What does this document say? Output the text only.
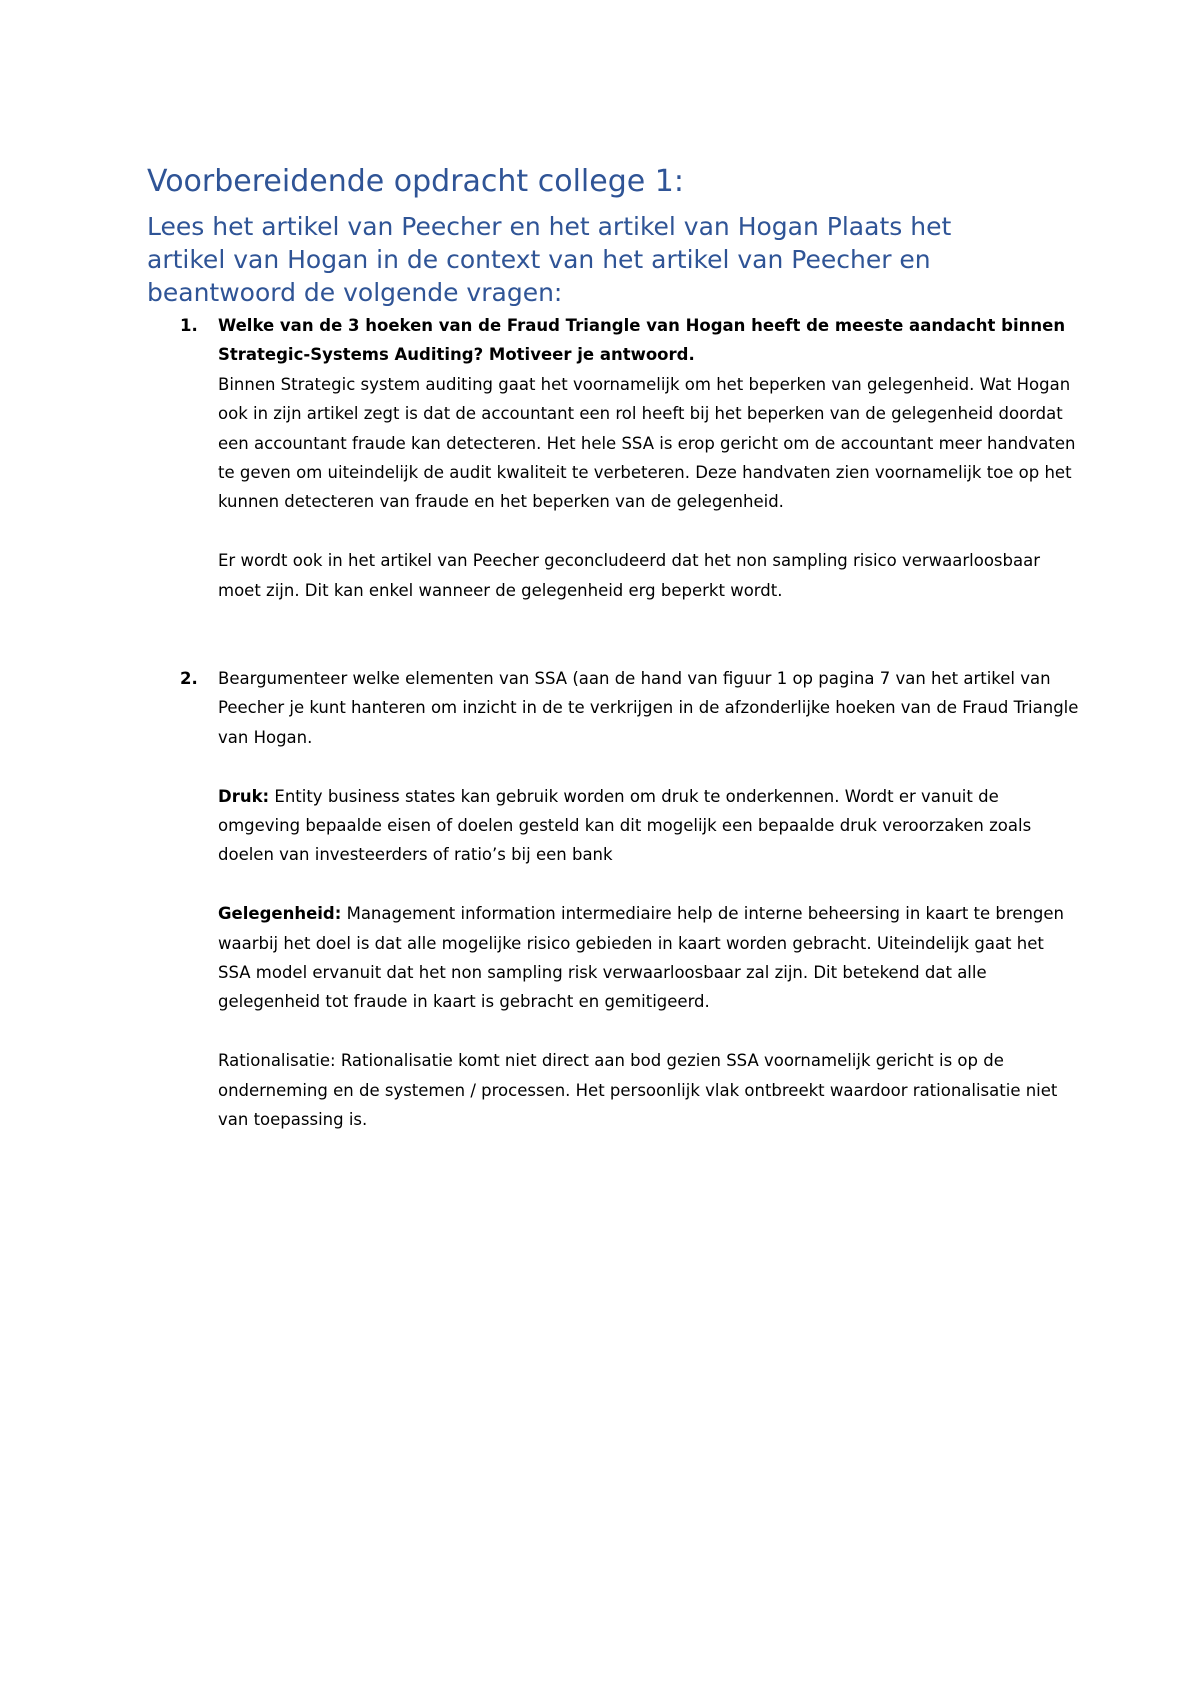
Voorbereidende opdracht college 1:
Lees het artikel van Peecher en het artikel van Hogan Plaats het artikel van Hogan in de context van het artikel van Peecher en beantwoord de volgende vragen:
1. Welke van de 3 hoeken van de Fraud Triangle van Hogan heeft de meeste aandacht binnen Strategic-Systems Auditing? Motiveer je antwoord.

Binnen Strategic system auditing gaat het voornamelijk om het beperken van gelegenheid. Wat Hogan ook in zijn artikel zegt is dat de accountant een rol heeft bij het beperken van de gelegenheid doordat een accountant fraude kan detecteren. Het hele SSA is erop gericht om de accountant meer handvaten te geven om uiteindelijk de audit kwaliteit te verbeteren. Deze handvaten zien voornamelijk toe op het kunnen detecteren van fraude en het beperken van de gelegenheid.

Er wordt ook in het artikel van Peecher geconcludeerd dat het non sampling risico verwaarloosbaar moet zijn. Dit kan enkel wanneer de gelegenheid erg beperkt wordt.

2. Beargumenteer welke elementen van SSA (aan de hand van figuur 1 op pagina 7 van het artikel van Peecher je kunt hanteren om inzicht in de te verkrijgen in de afzonderlijke hoeken van de Fraud Triangle van Hogan.

Druk: Entity business states kan gebruik worden om druk te onderkennen. Wordt er vanuit de omgeving bepaalde eisen of doelen gesteld kan dit mogelijk een bepaalde druk veroorzaken zoals doelen van investeerders of ratio’s bij een bank

Gelegenheid: Management information intermediaire help de interne beheersing in kaart te brengen waarbij het doel is dat alle mogelijke risico gebieden in kaart worden gebracht. Uiteindelijk gaat het SSA model ervanuit dat het non sampling risk verwaarloosbaar zal zijn. Dit betekend dat alle gelegenheid tot fraude in kaart is gebracht en gemitigeerd.

Rationalisatie: Rationalisatie komt niet direct aan bod gezien SSA voornamelijk gericht is op de onderneming en de systemen / processen. Het persoonlijk vlak ontbreekt waardoor rationalisatie niet van toepassing is.
